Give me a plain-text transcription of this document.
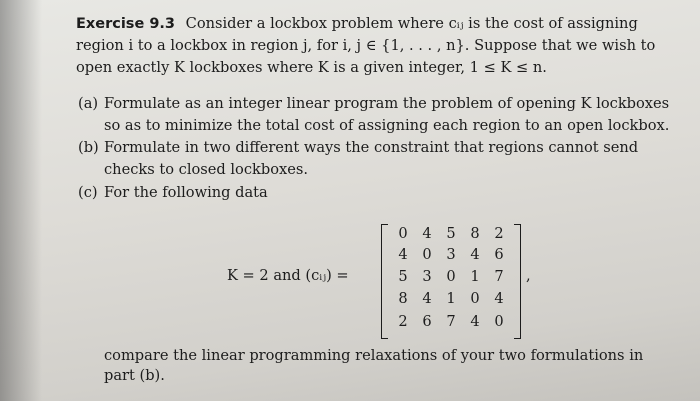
Exercise 9.3 Consider a lockbox problem where cᵢⱼ is the cost of assigning
region i to a lockbox in region j, for i, j ∈ {1, . . . , n}. Suppose that we wish to
open exactly K lockboxes where K is a given integer, 1 ≤ K ≤ n.
(a) Formulate as an integer linear program the problem of opening K lockboxes
so as to minimize the total cost of assigning each region to an open lockbox.
(b) Formulate in two different ways the constraint that regions cannot send
checks to closed lockboxes.
(c) For the following data
K = 2 and (cᵢⱼ) =
0	4	5	8	2
4	0	3	4	6
5	3	0	1	7
8	4	1	0	4
2	6	7	4	0
,
compare the linear programming relaxations of your two formulations in
part (b).
